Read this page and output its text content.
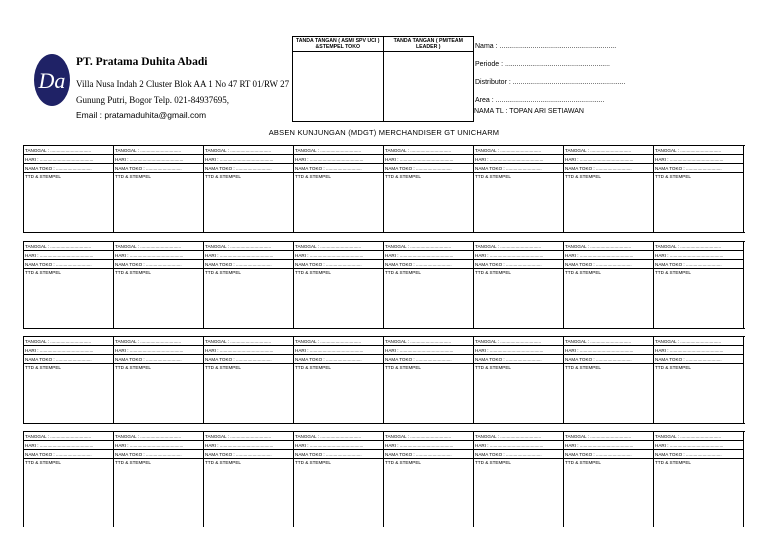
Da
PT. Pratama Duhita Abadi
Villa Nusa Indah 2 Cluster Blok AA 1 No 47 RT 01/RW 27
Gunung Putri, Bogor Telp. 021-84937695,
Email : pratamaduhita@gmail.com
TANDA TANGAN ( ASM/ SPV UCI ) &STEMPEL TOKO
TANDA TANGAN ( PM/TEAM LEADER )	Nama : ............................................................
Periode : ......................................................
Distributor : ..........................................................
Area : ........................................................
NAMA TL : TOPAN ARI SETIAWAN
ABSEN KUNJUNGAN (MDGT) MERCHANDISER GT UNICHARM
TANGGAL : ................................
HARI : ..........................................
NAMA TOKO : ............................
TTD & STEMPEL
TANGGAL : ................................
HARI : ..........................................
NAMA TOKO : ............................
TTD & STEMPEL
TANGGAL : ................................
HARI : ..........................................
NAMA TOKO : ............................
TTD & STEMPEL
TANGGAL : ................................
HARI : ..........................................
NAMA TOKO : ............................
TTD & STEMPEL
TANGGAL : ................................
HARI : ..........................................
NAMA TOKO : ............................
TTD & STEMPEL
TANGGAL : ................................
HARI : ..........................................
NAMA TOKO : ............................
TTD & STEMPEL
TANGGAL : ................................
HARI : ..........................................
NAMA TOKO : ............................
TTD & STEMPEL
TANGGAL : ................................
HARI : ..........................................
NAMA TOKO : ............................
TTD & STEMPEL
TANGGAL : ................................
HARI : ..........................................
NAMA TOKO : ............................
TTD & STEMPEL
TANGGAL : ................................
HARI : ..........................................
NAMA TOKO : ............................
TTD & STEMPEL
TANGGAL : ................................
HARI : ..........................................
NAMA TOKO : ............................
TTD & STEMPEL
TANGGAL : ................................
HARI : ..........................................
NAMA TOKO : ............................
TTD & STEMPEL
TANGGAL : ................................
HARI : ..........................................
NAMA TOKO : ............................
TTD & STEMPEL
TANGGAL : ................................
HARI : ..........................................
NAMA TOKO : ............................
TTD & STEMPEL
TANGGAL : ................................
HARI : ..........................................
NAMA TOKO : ............................
TTD & STEMPEL
TANGGAL : ................................
HARI : ..........................................
NAMA TOKO : ............................
TTD & STEMPEL
TANGGAL : ................................
HARI : ..........................................
NAMA TOKO : ............................
TTD & STEMPEL
TANGGAL : ................................
HARI : ..........................................
NAMA TOKO : ............................
TTD & STEMPEL
TANGGAL : ................................
HARI : ..........................................
NAMA TOKO : ............................
TTD & STEMPEL
TANGGAL : ................................
HARI : ..........................................
NAMA TOKO : ............................
TTD & STEMPEL
TANGGAL : ................................
HARI : ..........................................
NAMA TOKO : ............................
TTD & STEMPEL
TANGGAL : ................................
HARI : ..........................................
NAMA TOKO : ............................
TTD & STEMPEL
TANGGAL : ................................
HARI : ..........................................
NAMA TOKO : ............................
TTD & STEMPEL
TANGGAL : ................................
HARI : ..........................................
NAMA TOKO : ............................
TTD & STEMPEL
TANGGAL : ................................
HARI : ..........................................
NAMA TOKO : ............................
TTD & STEMPEL
TANGGAL : ................................
HARI : ..........................................
NAMA TOKO : ............................
TTD & STEMPEL
TANGGAL : ................................
HARI : ..........................................
NAMA TOKO : ............................
TTD & STEMPEL
TANGGAL : ................................
HARI : ..........................................
NAMA TOKO : ............................
TTD & STEMPEL
TANGGAL : ................................
HARI : ..........................................
NAMA TOKO : ............................
TTD & STEMPEL
TANGGAL : ................................
HARI : ..........................................
NAMA TOKO : ............................
TTD & STEMPEL
TANGGAL : ................................
HARI : ..........................................
NAMA TOKO : ............................
TTD & STEMPEL
TANGGAL : ................................
HARI : ..........................................
NAMA TOKO : ............................
TTD & STEMPEL
